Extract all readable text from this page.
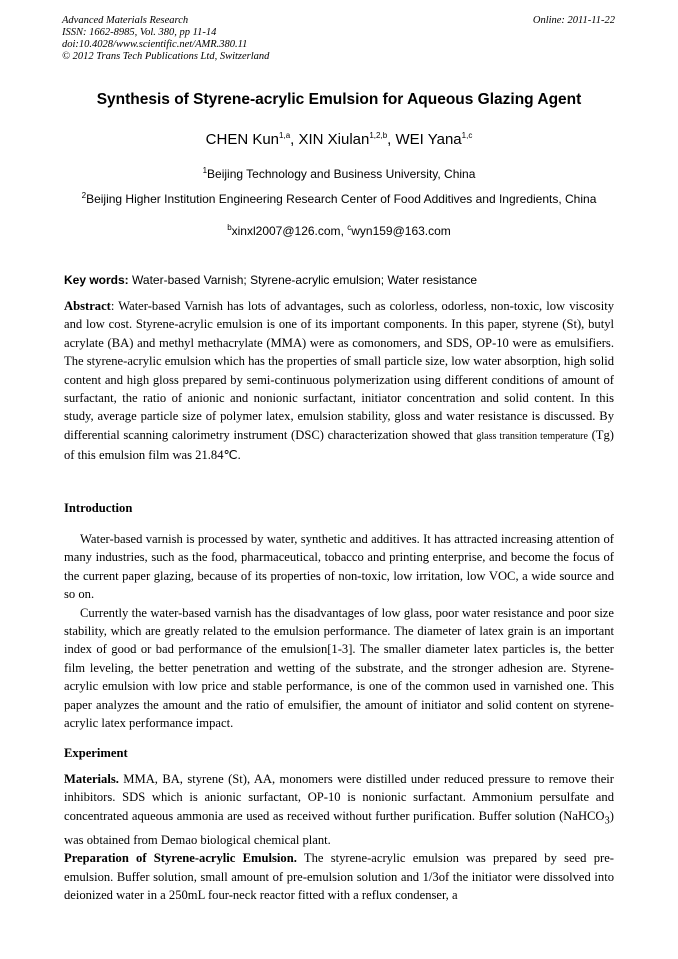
Advanced Materials Research
ISSN: 1662-8985, Vol. 380, pp 11-14
doi:10.4028/www.scientific.net/AMR.380.11
© 2012 Trans Tech Publications Ltd, Switzerland
Online: 2011-11-22
Synthesis of Styrene-acrylic Emulsion for Aqueous Glazing Agent
CHEN Kun$^{1,a}$, XIN Xiulan$^{1,2,b}$, WEI Yana$^{1,c}$
$^1$Beijing Technology and Business University, China
$^2$Beijing Higher Institution Engineering Research Center of Food Additives and Ingredients, China
$^b$xinxl2007@126.com, $^c$wyn159@163.com
Key words: Water-based Varnish; Styrene-acrylic emulsion; Water resistance
Abstract: Water-based Varnish has lots of advantages, such as colorless, odorless, non-toxic, low viscosity and low cost. Styrene-acrylic emulsion is one of its important components. In this paper, styrene (St), butyl acrylate (BA) and methyl methacrylate (MMA) were as comonomers, and SDS, OP-10 were as emulsifiers. The styrene-acrylic emulsion which has the properties of small particle size, low water absorption, high solid content and high gloss prepared by semi-continuous polymerization using different conditions of amount of surfactant, the ratio of anionic and nonionic surfactant, initiator concentration and solid content. In this study, average particle size of polymer latex, emulsion stability, gloss and water resistance is discussed. By differential scanning calorimetry instrument (DSC) characterization showed that glass transition temperature (Tg) of this emulsion film was 21.84℃.
Introduction

Water-based varnish is processed by water, synthetic and additives. It has attracted increasing attention of many industries, such as the food, pharmaceutical, tobacco and printing enterprise, and become the focus of the current paper glazing, because of its properties of non-toxic, low irritation, low VOC, a wide source and so on.

Currently the water-based varnish has the disadvantages of low glass, poor water resistance and poor size stability, which are greatly related to the emulsion performance. The diameter of latex grain is an important index of good or bad performance of the emulsion[1-3]. The smaller diameter latex particles is, the better film leveling, the better penetration and wetting of the substrate, and the stronger adhesion are. Styrene-acrylic emulsion with low price and stable performance, is one of the common used in varnished one. This paper analyzes the amount and the ratio of emulsifier, the amount of initiator and solid content on styrene-acrylic latex performance impact.

Experiment

Materials. MMA, BA, styrene (St), AA, monomers were distilled under reduced pressure to remove their inhibitors. SDS which is anionic surfactant, OP-10 is nonionic surfactant. Ammonium persulfate and concentrated aqueous ammonia are used as received without further purification. Buffer solution (NaHCO$_3$) was obtained from Demao biological chemical plant.

Preparation of Styrene-acrylic Emulsion. The styrene-acrylic emulsion was prepared by seed pre-emulsion. Buffer solution, small amount of pre-emulsion solution and 1/3of the initiator were dissolved into deionized water in a 250mL four-neck reactor fitted with a reflux condenser, a
